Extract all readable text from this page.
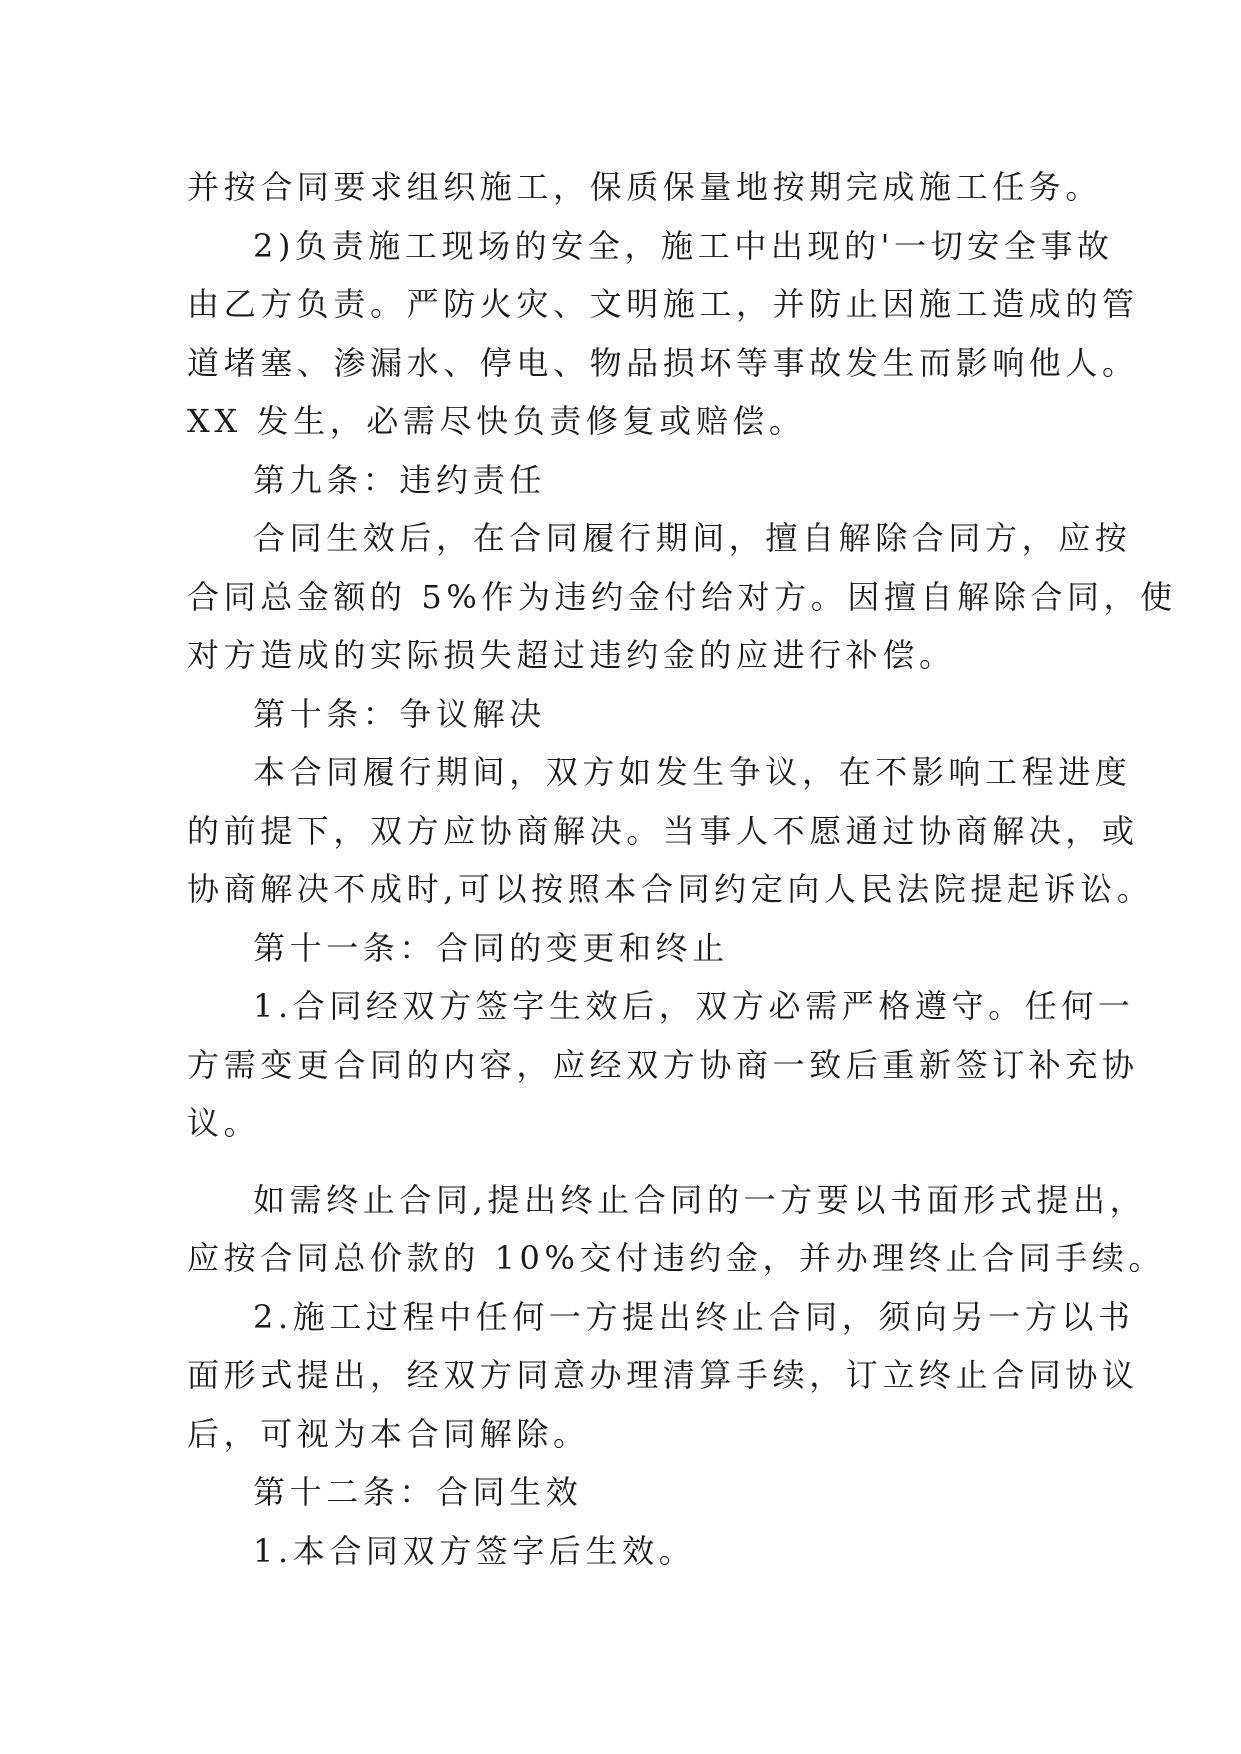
并按合同要求组织施工，保质保量地按期完成施工任务。
2)负责施工现场的安全，施工中出现的'一切安全事故
由乙方负责。严防火灾、文明施工，并防止因施工造成的管
道堵塞、渗漏水、停电、物品损坏等事故发生而影响他人。
XX 发生，必需尽快负责修复或赔偿。
第九条：违约责任
合同生效后，在合同履行期间，擅自解除合同方，应按
合同总金额的 5%作为违约金付给对方。因擅自解除合同，使
对方造成的实际损失超过违约金的应进行补偿。
第十条：争议解决
本合同履行期间，双方如发生争议，在不影响工程进度
的前提下，双方应协商解决。当事人不愿通过协商解决，或
协商解决不成时,可以按照本合同约定向人民法院提起诉讼。
第十一条：合同的变更和终止
1.合同经双方签字生效后，双方必需严格遵守。任何一
方需变更合同的内容，应经双方协商一致后重新签订补充协
议。
如需终止合同,提出终止合同的一方要以书面形式提出，
应按合同总价款的 10%交付违约金，并办理终止合同手续。
2.施工过程中任何一方提出终止合同，须向另一方以书
面形式提出，经双方同意办理清算手续，订立终止合同协议
后，可视为本合同解除。
第十二条：合同生效
1.本合同双方签字后生效。
